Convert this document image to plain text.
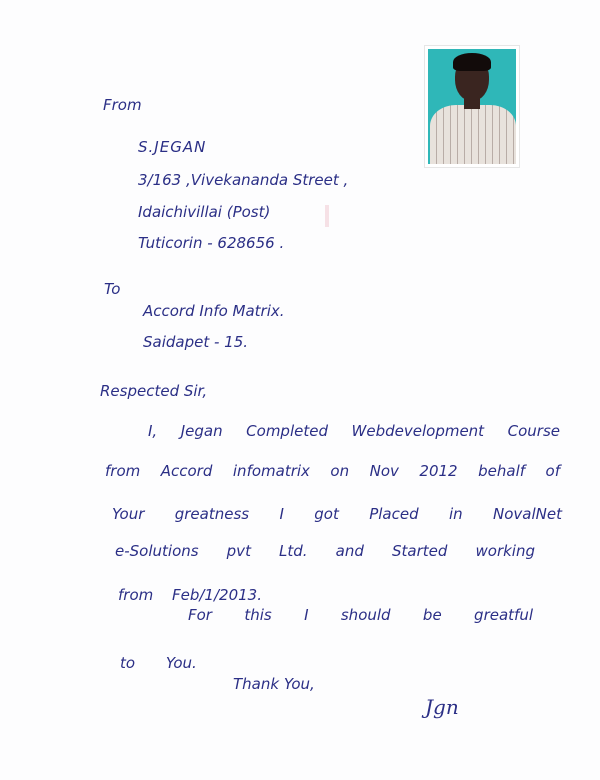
From
S.JEGAN
3/163 ,Vivekananda Street ,
Idaichivillai (Post)
Tuticorin - 628656 .
To
Accord Info Matrix.
Saidapet - 15.
Respected Sir,
I, Jegan Completed Webdevelopment Course
from Accord infomatrix on Nov 2012 behalf of
Your greatness I got Placed in NovalNet
e-Solutions pvt Ltd. and Started working
from Feb/1/2013.
For this I should be greatful
to You.
Thank You,
Jgn
